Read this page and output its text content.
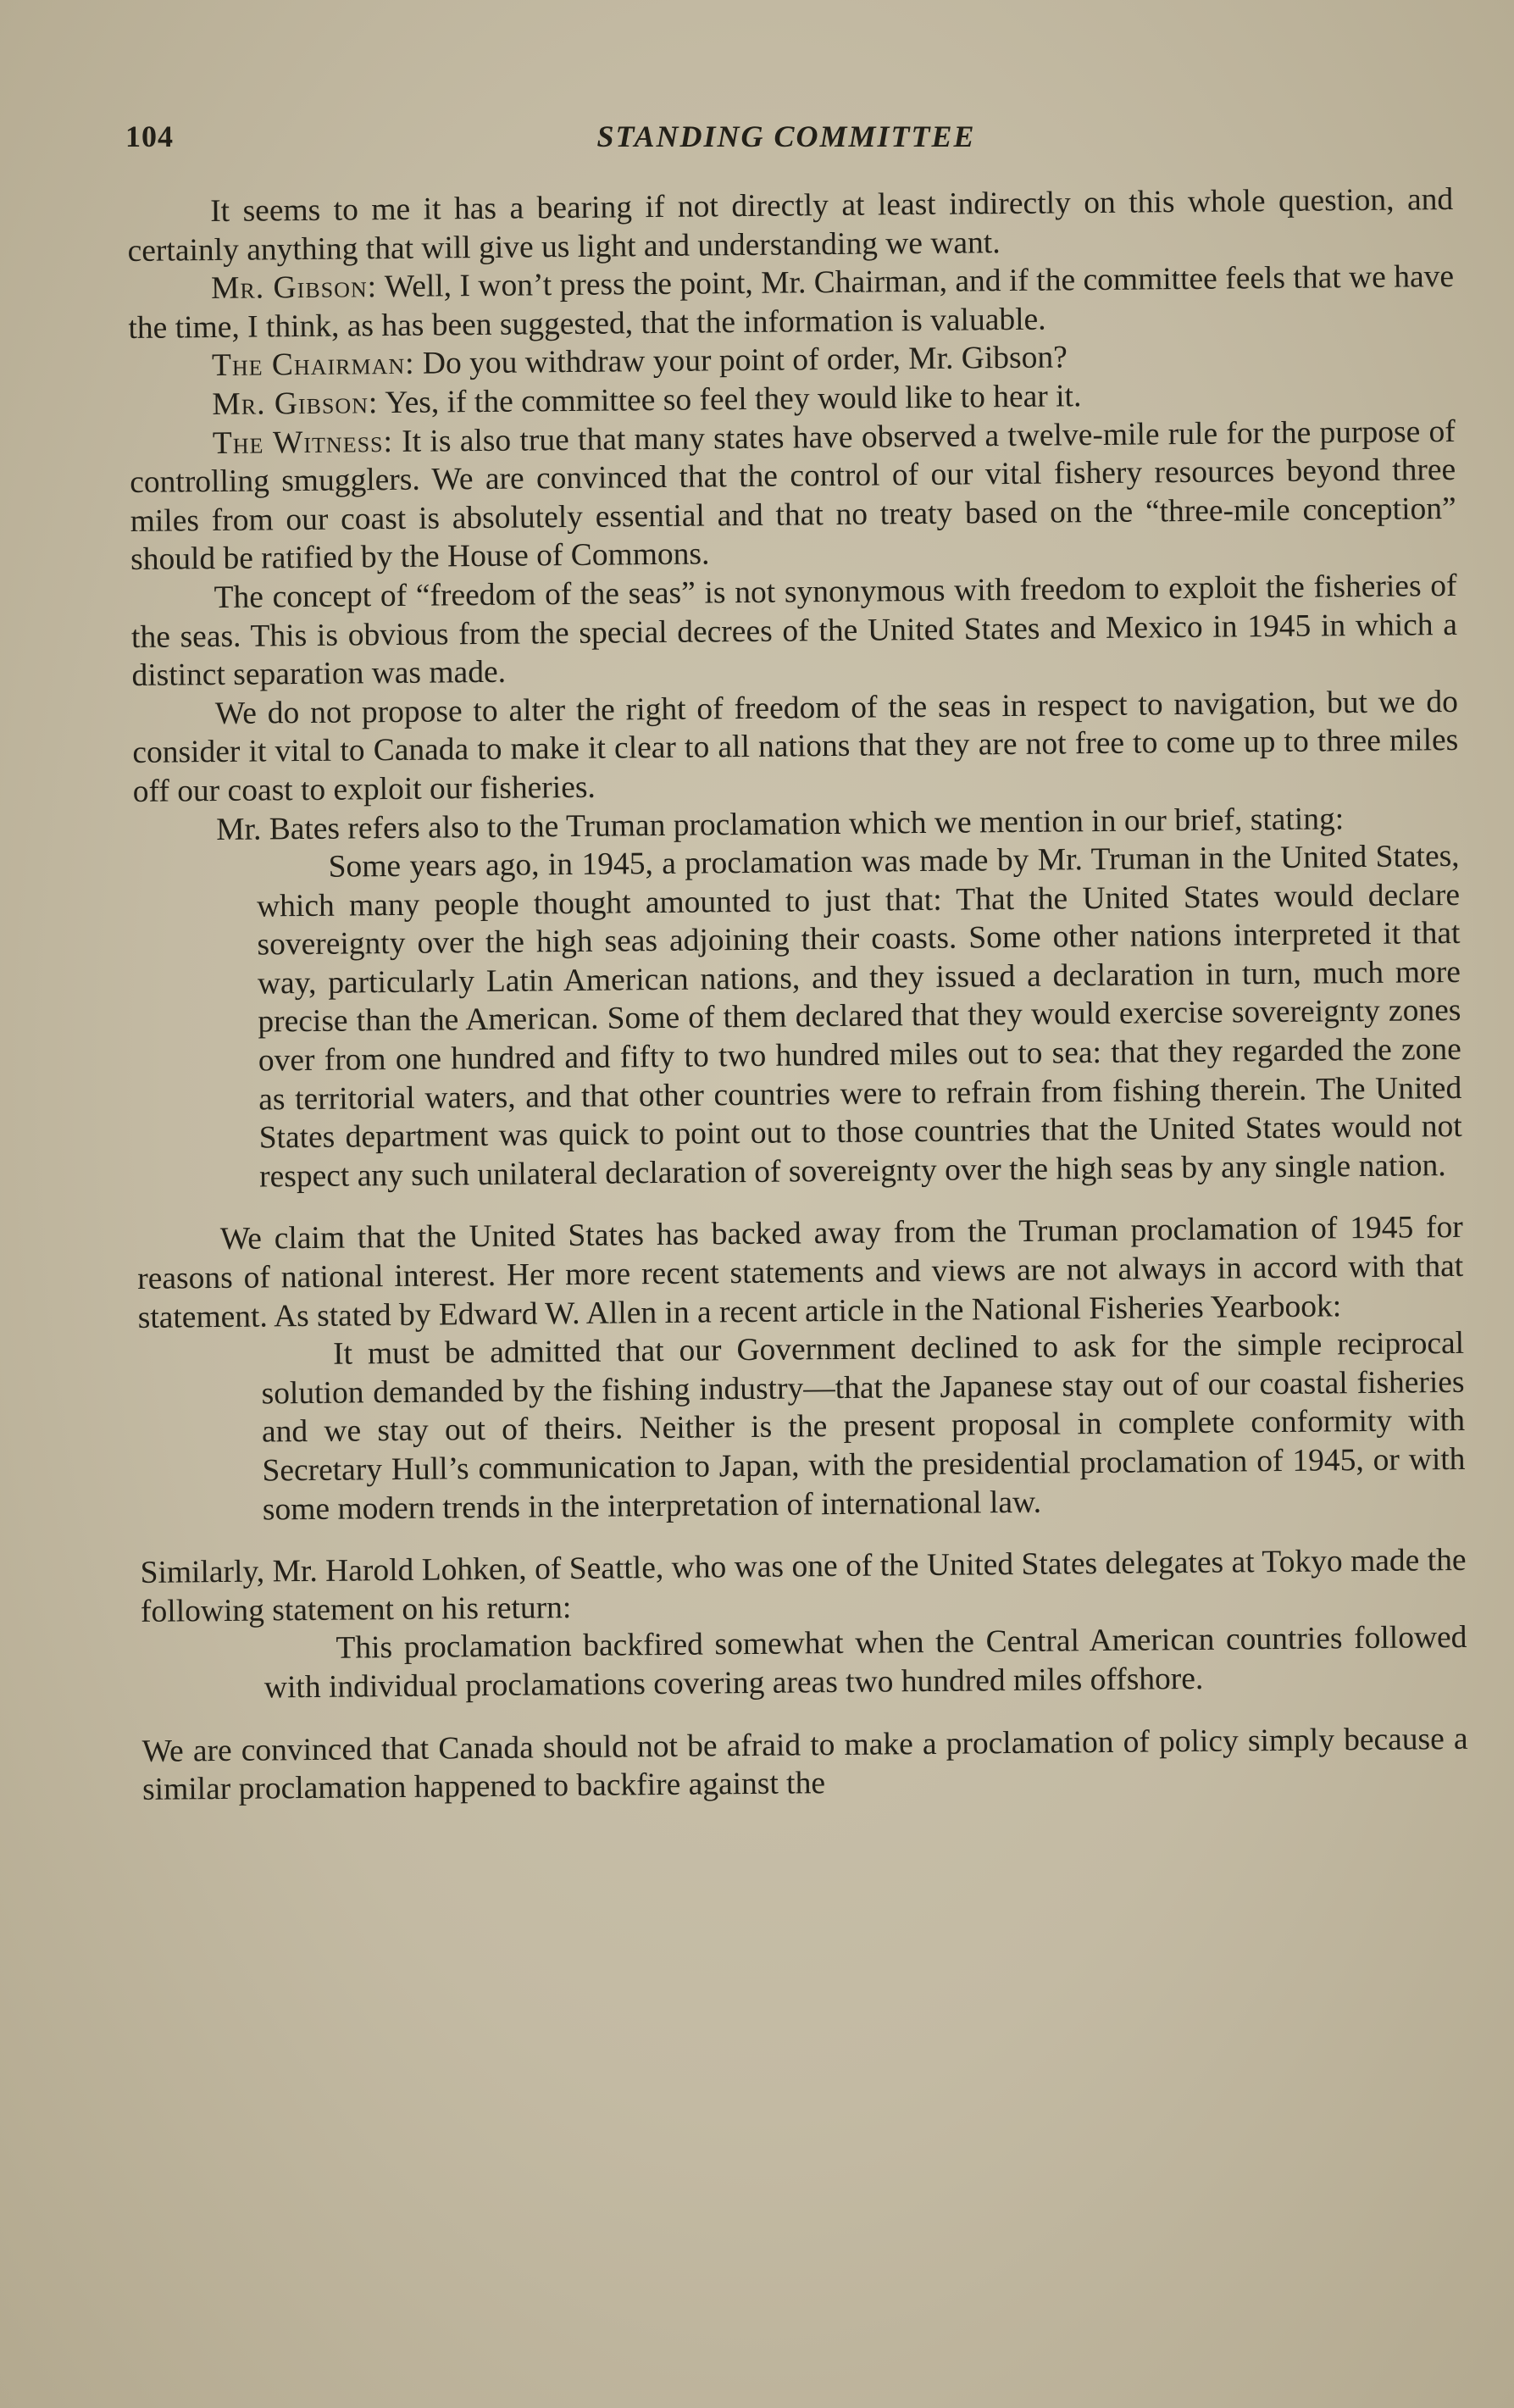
104	STANDING COMMITTEE

It seems to me it has a bearing if not directly at least indirectly on this whole question, and certainly anything that will give us light and understanding we want.

Mr. Gibson: Well, I won’t press the point, Mr. Chairman, and if the committee feels that we have the time, I think, as has been suggested, that the information is valuable.

The Chairman: Do you withdraw your point of order, Mr. Gibson?

Mr. Gibson: Yes, if the committee so feel they would like to hear it.

The Witness: It is also true that many states have observed a twelve-mile rule for the purpose of controlling smugglers. We are convinced that the control of our vital fishery resources beyond three miles from our coast is absolutely essential and that no treaty based on the “three-mile conception” should be ratified by the House of Commons.

The concept of “freedom of the seas” is not synonymous with freedom to exploit the fisheries of the seas. This is obvious from the special decrees of the United States and Mexico in 1945 in which a distinct separation was made.

We do not propose to alter the right of freedom of the seas in respect to navigation, but we do consider it vital to Canada to make it clear to all nations that they are not free to come up to three miles off our coast to exploit our fisheries.

Mr. Bates refers also to the Truman proclamation which we mention in our brief, stating:

Some years ago, in 1945, a proclamation was made by Mr. Truman in the United States, which many people thought amounted to just that: That the United States would declare sovereignty over the high seas adjoining their coasts. Some other nations interpreted it that way, particularly Latin American nations, and they issued a declaration in turn, much more precise than the American. Some of them declared that they would exercise sovereignty zones over from one hundred and fifty to two hundred miles out to sea: that they regarded the zone as territorial waters, and that other countries were to refrain from fishing therein. The United States department was quick to point out to those countries that the United States would not respect any such unilateral declaration of sovereignty over the high seas by any single nation.

We claim that the United States has backed away from the Truman proclamation of 1945 for reasons of national interest. Her more recent statements and views are not always in accord with that statement. As stated by Edward W. Allen in a recent article in the National Fisheries Yearbook:

It must be admitted that our Government declined to ask for the simple reciprocal solution demanded by the fishing industry—that the Japanese stay out of our coastal fisheries and we stay out of theirs. Neither is the present proposal in complete conformity with Secretary Hull’s communication to Japan, with the presidential proclamation of 1945, or with some modern trends in the interpretation of international law.

Similarly, Mr. Harold Lohken, of Seattle, who was one of the United States delegates at Tokyo made the following statement on his return:

This proclamation backfired somewhat when the Central American countries followed with individual proclamations covering areas two hundred miles offshore.

We are convinced that Canada should not be afraid to make a proclamation of policy simply because a similar proclamation happened to backfire against the
